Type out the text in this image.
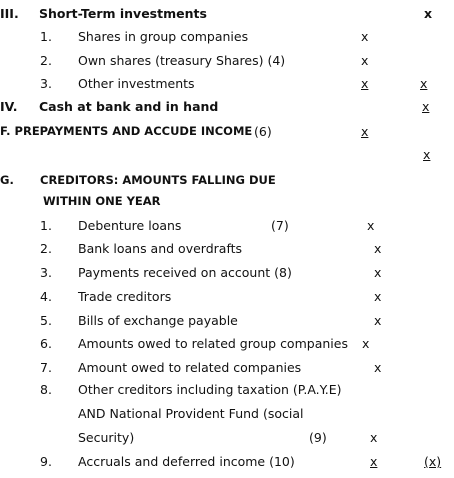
III. Short-Term investments	x
1. Shares in group companies	x
2. Own shares (treasury Shares) (4)	x
3. Other investments	x	x
IV. Cash at bank and in hand	x
F. PREPAYMENTS AND ACCUDE INCOME (6)	x
x
G. CREDITORS: AMOUNTS FALLING DUE
WITHIN ONE YEAR
1. Debenture loans	(7)	x
2. Bank loans and overdrafts	x
3. Payments received on account (8)	x
4. Trade creditors	x
5. Bills of exchange payable	x
6. Amounts owed to related group companies x
7. Amount owed to related companies	x
8. Other creditors including taxation (P.A.Y.E)
AND National Provident Fund (social
Security)	(9)	x
9. Accruals and deferred income (10)	x	(x)
